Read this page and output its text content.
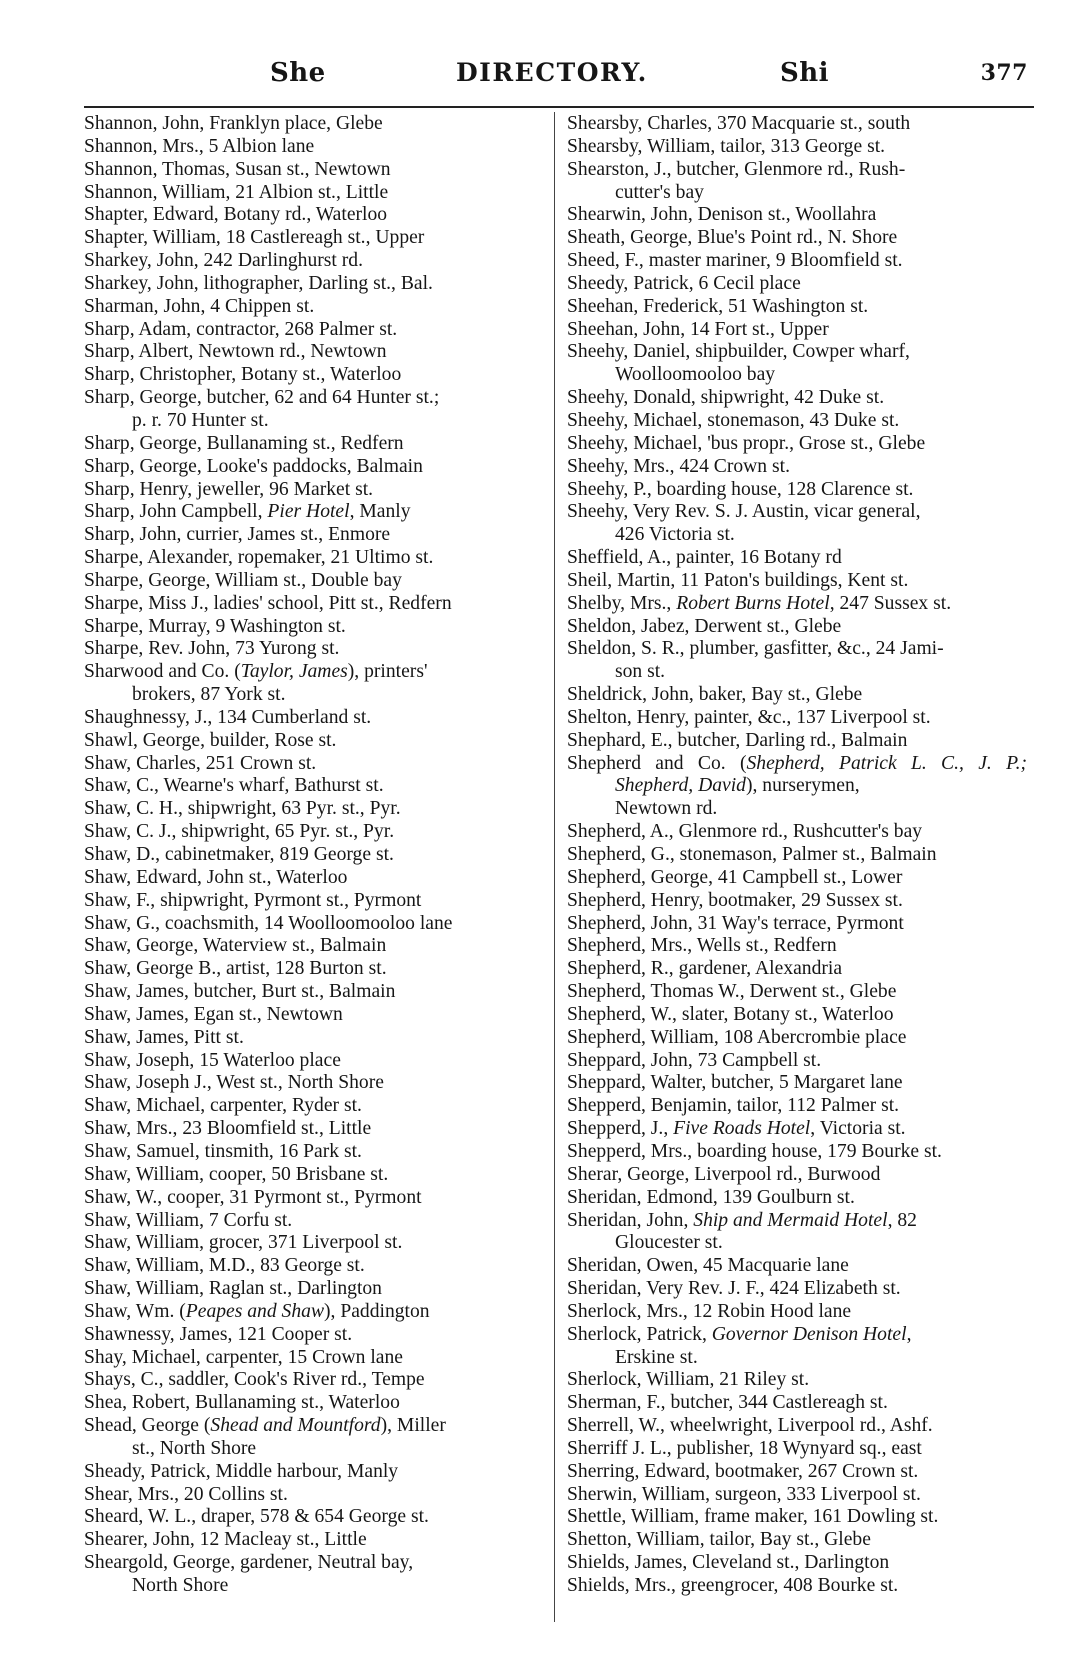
She	DIRECTORY.	Shi	377
Shannon, John, Franklyn place, Glebe
Shannon, Mrs., 5 Albion lane
Shannon, Thomas, Susan st., Newtown
Shannon, William, 21 Albion st., Little
Shapter, Edward, Botany rd., Waterloo
Shapter, William, 18 Castlereagh st., Upper
Sharkey, John, 242 Darlinghurst rd.
Sharkey, John, lithographer, Darling st., Bal.
Sharman, John, 4 Chippen st.
Sharp, Adam, contractor, 268 Palmer st.
Sharp, Albert, Newtown rd., Newtown
Sharp, Christopher, Botany st., Waterloo
Sharp, George, butcher, 62 and 64 Hunter st.;
p. r. 70 Hunter st.
Sharp, George, Bullanaming st., Redfern
Sharp, George, Looke's paddocks, Balmain
Sharp, Henry, jeweller, 96 Market st.
Sharp, John Campbell, Pier Hotel, Manly
Sharp, John, currier, James st., Enmore
Sharpe, Alexander, ropemaker, 21 Ultimo st.
Sharpe, George, William st., Double bay
Sharpe, Miss J., ladies' school, Pitt st., Redfern
Sharpe, Murray, 9 Washington st.
Sharpe, Rev. John, 73 Yurong st.
Sharwood and Co. (Taylor, James), printers'
brokers, 87 York st.
Shaughnessy, J., 134 Cumberland st.
Shawl, George, builder, Rose st.
Shaw, Charles, 251 Crown st.
Shaw, C., Wearne's wharf, Bathurst st.
Shaw, C. H., shipwright, 63 Pyr. st., Pyr.
Shaw, C. J., shipwright, 65 Pyr. st., Pyr.
Shaw, D., cabinetmaker, 819 George st.
Shaw, Edward, John st., Waterloo
Shaw, F., shipwright, Pyrmont st., Pyrmont
Shaw, G., coachsmith, 14 Woolloomooloo lane
Shaw, George, Waterview st., Balmain
Shaw, George B., artist, 128 Burton st.
Shaw, James, butcher, Burt st., Balmain
Shaw, James, Egan st., Newtown
Shaw, James, Pitt st.
Shaw, Joseph, 15 Waterloo place
Shaw, Joseph J., West st., North Shore
Shaw, Michael, carpenter, Ryder st.
Shaw, Mrs., 23 Bloomfield st., Little
Shaw, Samuel, tinsmith, 16 Park st.
Shaw, William, cooper, 50 Brisbane st.
Shaw, W., cooper, 31 Pyrmont st., Pyrmont
Shaw, William, 7 Corfu st.
Shaw, William, grocer, 371 Liverpool st.
Shaw, William, M.D., 83 George st.
Shaw, William, Raglan st., Darlington
Shaw, Wm. (Peapes and Shaw), Paddington
Shawnessy, James, 121 Cooper st.
Shay, Michael, carpenter, 15 Crown lane
Shays, C., saddler, Cook's River rd., Tempe
Shea, Robert, Bullanaming st., Waterloo
Shead, George (Shead and Mountford), Miller
st., North Shore
Sheady, Patrick, Middle harbour, Manly
Shear, Mrs., 20 Collins st.
Sheard, W. L., draper, 578 & 654 George st.
Shearer, John, 12 Macleay st., Little
Sheargold, George, gardener, Neutral bay,
North Shore
Shearsby, Charles, 370 Macquarie st., south
Shearsby, William, tailor, 313 George st.
Shearston, J., butcher, Glenmore rd., Rush-
cutter's bay
Shearwin, John, Denison st., Woollahra
Sheath, George, Blue's Point rd., N. Shore
Sheed, F., master mariner, 9 Bloomfield st.
Sheedy, Patrick, 6 Cecil place
Sheehan, Frederick, 51 Washington st.
Sheehan, John, 14 Fort st., Upper
Sheehy, Daniel, shipbuilder, Cowper wharf,
Woolloomooloo bay
Sheehy, Donald, shipwright, 42 Duke st.
Sheehy, Michael, stonemason, 43 Duke st.
Sheehy, Michael, 'bus propr., Grose st., Glebe
Sheehy, Mrs., 424 Crown st.
Sheehy, P., boarding house, 128 Clarence st.
Sheehy, Very Rev. S. J. Austin, vicar general,
426 Victoria st.
Sheffield, A., painter, 16 Botany rd
Sheil, Martin, 11 Paton's buildings, Kent st.
Shelby, Mrs., Robert Burns Hotel, 247 Sussex st.
Sheldon, Jabez, Derwent st., Glebe
Sheldon, S. R., plumber, gasfitter, &c., 24 Jami-
son st.
Sheldrick, John, baker, Bay st., Glebe
Shelton, Henry, painter, &c., 137 Liverpool st.
Shephard, E., butcher, Darling rd., Balmain
Shepherd and Co. (Shepherd, Patrick L. C., J. P.; Shepherd, David), nurserymen,
Newtown rd.
Shepherd, A., Glenmore rd., Rushcutter's bay
Shepherd, G., stonemason, Palmer st., Balmain
Shepherd, George, 41 Campbell st., Lower
Shepherd, Henry, bootmaker, 29 Sussex st.
Shepherd, John, 31 Way's terrace, Pyrmont
Shepherd, Mrs., Wells st., Redfern
Shepherd, R., gardener, Alexandria
Shepherd, Thomas W., Derwent st., Glebe
Shepherd, W., slater, Botany st., Waterloo
Shepherd, William, 108 Abercrombie place
Sheppard, John, 73 Campbell st.
Sheppard, Walter, butcher, 5 Margaret lane
Shepperd, Benjamin, tailor, 112 Palmer st.
Shepperd, J., Five Roads Hotel, Victoria st.
Shepperd, Mrs., boarding house, 179 Bourke st.
Sherar, George, Liverpool rd., Burwood
Sheridan, Edmond, 139 Goulburn st.
Sheridan, John, Ship and Mermaid Hotel, 82
Gloucester st.
Sheridan, Owen, 45 Macquarie lane
Sheridan, Very Rev. J. F., 424 Elizabeth st.
Sherlock, Mrs., 12 Robin Hood lane
Sherlock, Patrick, Governor Denison Hotel,
Erskine st.
Sherlock, William, 21 Riley st.
Sherman, F., butcher, 344 Castlereagh st.
Sherrell, W., wheelwright, Liverpool rd., Ashf.
Sherriff J. L., publisher, 18 Wynyard sq., east
Sherring, Edward, bootmaker, 267 Crown st.
Sherwin, William, surgeon, 333 Liverpool st.
Shettle, William, frame maker, 161 Dowling st.
Shetton, William, tailor, Bay st., Glebe
Shields, James, Cleveland st., Darlington
Shields, Mrs., greengrocer, 408 Bourke st.
